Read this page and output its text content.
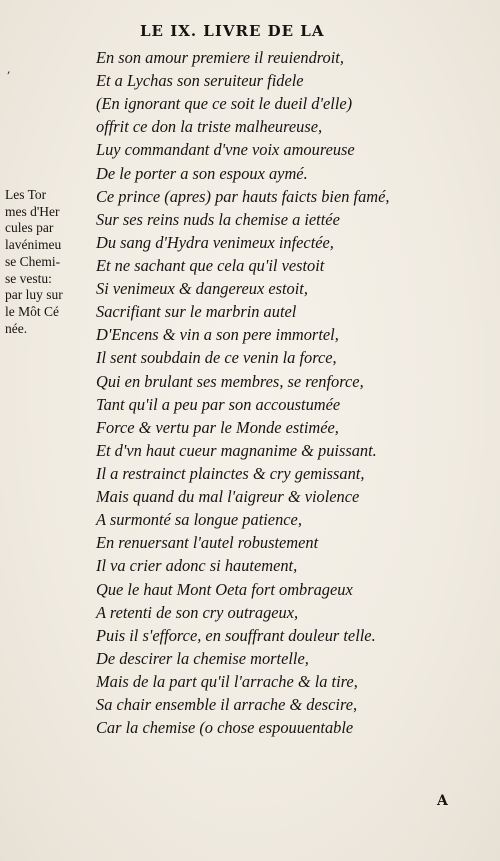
LE IX. LIVRE DE LA
,
Les Tor
mes d'Her
cules par
lavénimeu
se Chemi-
se vestu:
par luy sur
le Môt Cé
née.
En son amour premiere il reuiendroit,
Et a Lychas son seruiteur fidele
(En ignorant que ce soit le dueil d'elle)
offrit ce don la triste malheureuse,
Luy commandant d'vne voix amoureuse
De le porter a son espoux aymé.
Ce prince (apres) par hauts faicts bien famé,
Sur ses reins nuds la chemise a iettée
Du sang d'Hydra venimeux infectée,
Et ne sachant que cela qu'il vestoit
Si venimeux & dangereux estoit,
Sacrifiant sur le marbrin autel
D'Encens & vin a son pere immortel,
Il sent soubdain de ce venin la force,
Qui en brulant ses membres, se renforce,
Tant qu'il a peu par son accoustumée
Force & vertu par le Monde estimée,
Et d'vn haut cueur magnanime & puissant.
Il a restrainct plainctes & cry gemissant,
Mais quand du mal l'aigreur & violence
A surmonté sa longue patience,
En renuersant l'autel robustement
Il va crier adonc si hautement,
Que le haut Mont Oeta fort ombrageux
A retenti de son cry outrageux,
Puis il s'efforce, en souffrant douleur telle.
De descirer la chemise mortelle,
Mais de la part qu'il l'arrache & la tire,
Sa chair ensemble il arrache & descire,
Car la chemise (o chose espouuentable
A
